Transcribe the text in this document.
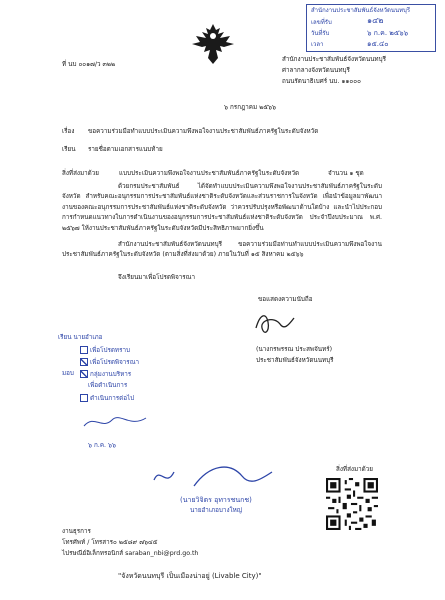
สำนักงานประชาสัมพันธ์จังหวัดนนทบุรี
เลขที่รับ	๑๔๒
วันที่รับ	๖ ก.ค. ๒๕๖๖
เวลา	๑๕.๔๐
ที่ นบ ๐๐๑๗/ว ๓๒๒
สำนักงานประชาสัมพันธ์จังหวัดนนทบุรี
ศาลากลางจังหวัดนนทบุรี
ถนนรัตนาธิเบศร์ นบ. ๑๑๐๐๐
๖ กรกฎาคม ๒๕๖๖
เรื่อง ขอความร่วมมือทำแบบประเมินความพึงพอใจงานประชาสัมพันธ์ภาครัฐในระดับจังหวัด
เรียน รายชื่อตามเอกสารแนบท้าย
สิ่งที่ส่งมาด้วย	แบบประเมินความพึงพอใจงานประชาสัมพันธ์ภาครัฐในระดับจังหวัด	จำนวน ๑ ชุด
ด้วยกรมประชาสัมพันธ์ ได้จัดทำแบบประเมินความพึงพอใจงานประชาสัมพันธ์ภาครัฐในระดับจังหวัด สำหรับคณะอนุกรรมการประชาสัมพันธ์แห่งชาติระดับจังหวัดและส่วนราชการในจังหวัด เพื่อนำข้อมูลมาพัฒนางานของคณะอนุกรรมการประชาสัมพันธ์แห่งชาติระดับจังหวัด ว่าควรปรับปรุงหรือพัฒนาด้านใดบ้าง และนำไปประกอบการกำหนดแนวทางในการดำเนินงานของอนุกรรมการประชาสัมพันธ์แห่งชาติระดับจังหวัด ประจำปีงบประมาณ พ.ศ. ๒๕๖๗ ให้งานประชาสัมพันธ์ภาครัฐในระดับจังหวัดมีประสิทธิภาพมากยิ่งขึ้น
สำนักงานประชาสัมพันธ์จังหวัดนนทบุรี ขอความร่วมมือท่านทำแบบประเมินความพึงพอใจงานประชาสัมพันธ์ภาครัฐในระดับจังหวัด (ตามสิ่งที่ส่งมาด้วย) ภายในวันที่ ๑๕ สิงหาคม ๒๕๖๖
จึงเรียนมาเพื่อโปรดพิจารณา
ขอแสดงความนับถือ
(นางกรพรรณ ประสพจันทร์)
ประชาสัมพันธ์จังหวัดนนทบุรี
เรียน นายอำเภอ
เพื่อโปรดทราบ
เพื่อโปรดพิจารณา
มอบ	กลุ่มงานบริหาร
เพื่อดำเนินการ
ดำเนินการต่อไป
๖ ก.ค. ๖๖
(นายวิจิตร อุทารชนกช)
นายอำเภอบางใหญ่
สิ่งที่ส่งมาด้วย
งานธุรการ
โทรศัพท์ / โทรสาร๐ ๒๕๘๙ ๗๖๔๕
ไปรษณีย์อิเล็กทรอนิกส์ saraban_nbi@prd.go.th
"จังหวัดนนทบุรี เป็นเมืองน่าอยู่ (Livable City)"
